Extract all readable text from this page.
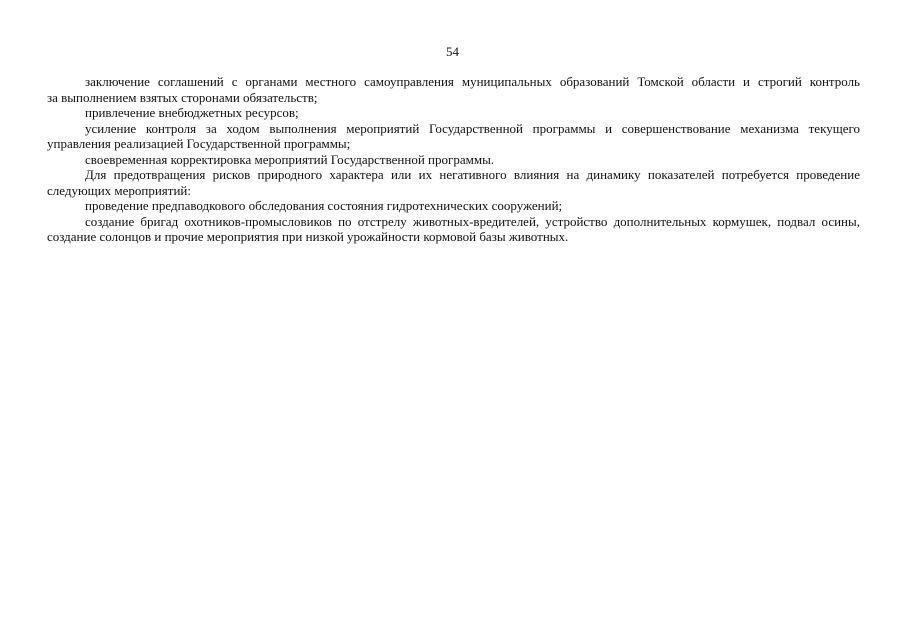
54
заключение соглашений с органами местного самоуправления муниципальных образований Томской области и строгий контроль
за выполнением взятых сторонами обязательств;
привлечение внебюджетных ресурсов;
усиление контроля за ходом выполнения мероприятий Государственной программы и совершенствование механизма текущего
управления реализацией Государственной программы;
своевременная корректировка мероприятий Государственной программы.
Для предотвращения рисков природного характера или их негативного влияния на динамику показателей потребуется проведение
следующих мероприятий:
проведение предпаводкового обследования состояния гидротехнических сооружений;
создание бригад охотников-промысловиков по отстрелу животных-вредителей, устройство дополнительных кормушек, подвал осины,
создание солонцов и прочие мероприятия при низкой урожайности кормовой базы животных.
